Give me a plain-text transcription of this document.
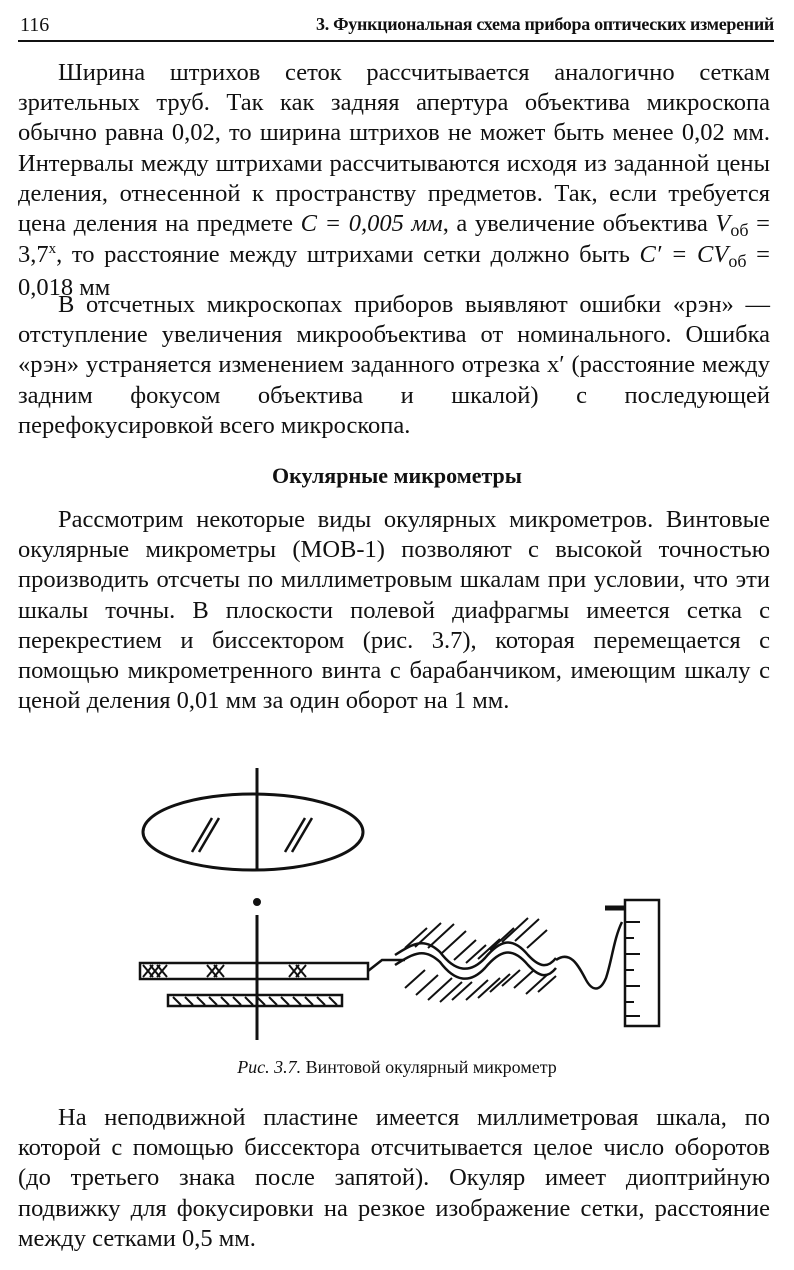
116	3. Функциональная схема прибора оптических измерений

Ширина штрихов сеток рассчитывается аналогично сеткам зрительных труб. Так как задняя апертура объектива микроскопа обычно равна 0,02, то ширина штрихов не может быть менее 0,02 мм. Интервалы между штрихами рассчитываются исходя из заданной цены деления, отнесенной к пространству предметов. Так, если требуется цена деления на предмете C = 0,005 мм, а увеличение объектива $V_{об} = 3,7^x$, то расстояние между штрихами сетки должно быть $C' = CV_{об} = 0,018$ мм

В отсчетных микроскопах приборов выявляют ошибки «рэн» — отступление увеличения микрообъектива от номинального. Ошибка «рэн» устраняется изменением заданного отрезка x′ (расстояние между задним фокусом объектива и шкалой) с последующей перефокусировкой всего микроскопа.

Окулярные микрометры

Рассмотрим некоторые виды окулярных микрометров. Винтовые окулярные микрометры (МОВ-1) позволяют с высокой точностью производить отсчеты по миллиметровым шкалам при условии, что эти шкалы точны. В плоскости полевой диафрагмы имеется сетка с перекрестием и биссектором (рис. 3.7), которая перемещается с помощью микрометренного винта с барабанчиком, имеющим шкалу с ценой деления 0,01 мм за один оборот на 1 мм.

Рис. 3.7. Винтовой окулярный микрометр

На неподвижной пластине имеется миллиметровая шкала, по которой с помощью биссектора отсчитывается целое число оборотов (до третьего знака после запятой). Окуляр имеет диоптрийную подвижку для фокусировки на резкое изображение сетки, расстояние между сетками 0,5 мм.
